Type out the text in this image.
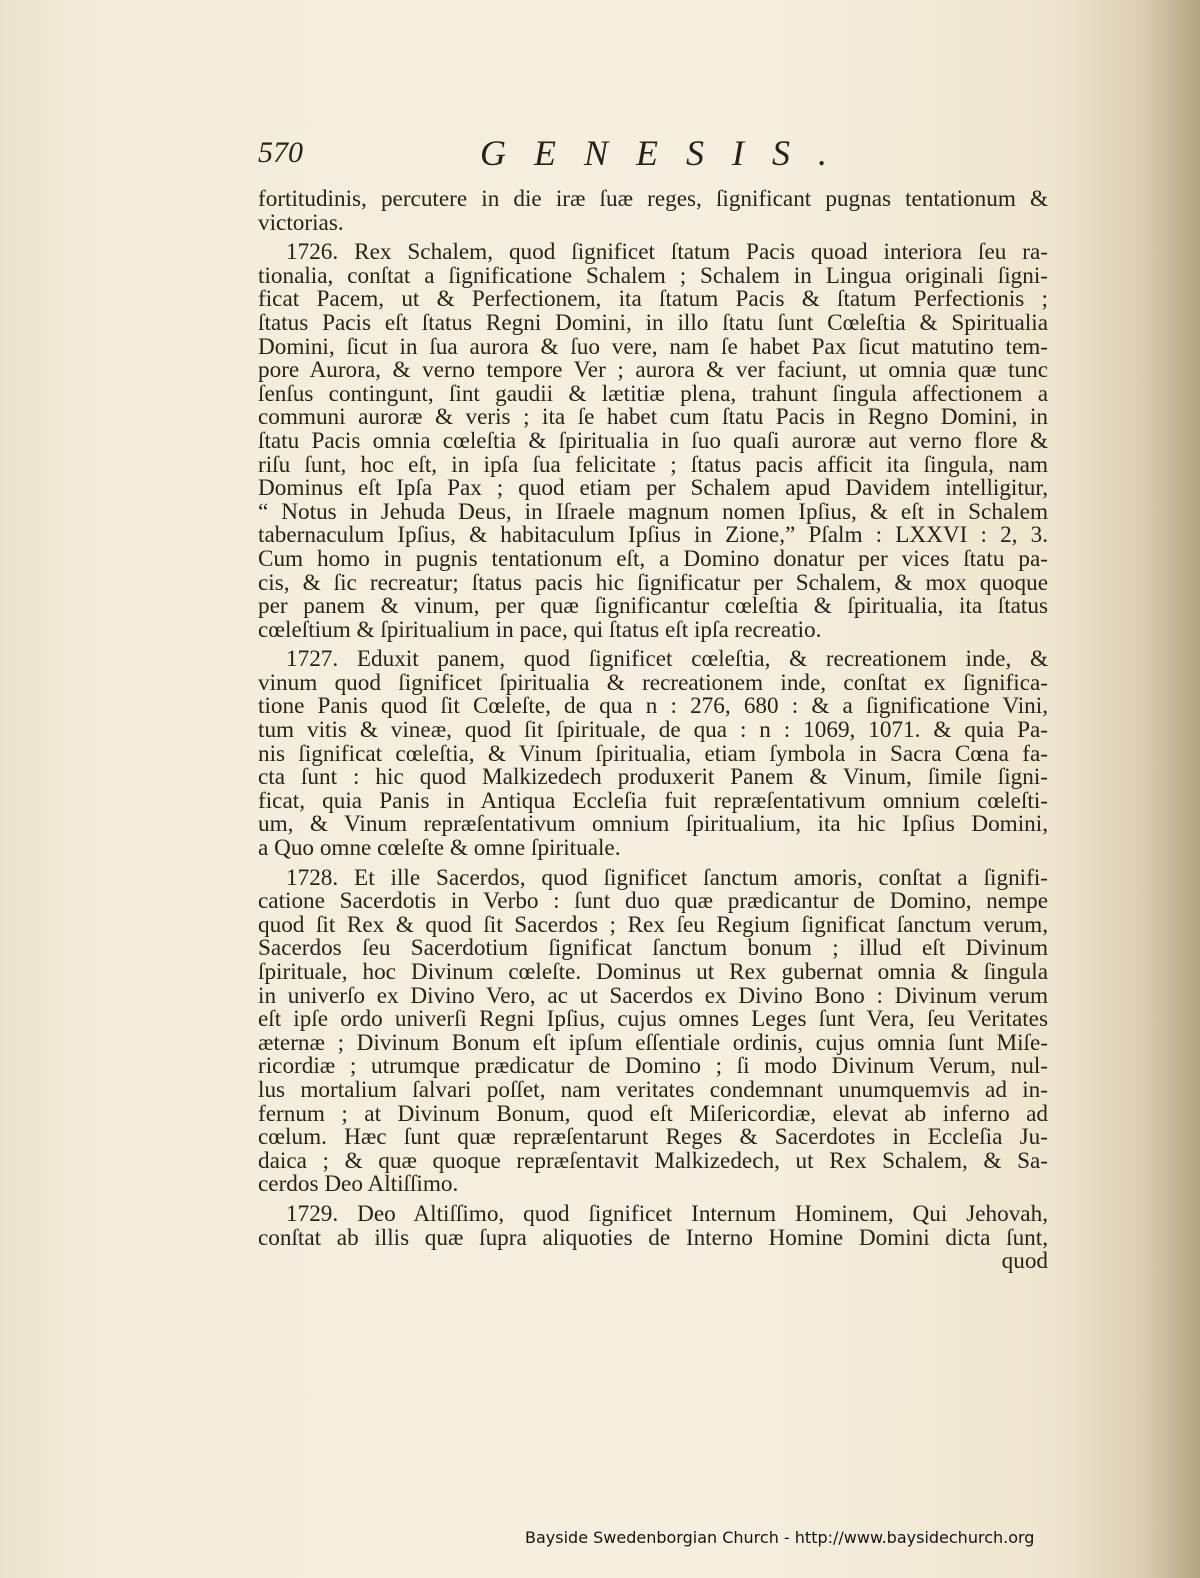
570	GENESIS.
fortitudinis, percutere in die iræ ſuæ reges, ſignificant pugnas tentationum &
victorias.
1726. Rex Schalem, quod ſignificet ſtatum Pacis quoad interiora ſeu ra-
tionalia, conſtat a ſignificatione Schalem ; Schalem in Lingua originali ſigni-
ficat Pacem, ut & Perfectionem, ita ſtatum Pacis & ſtatum Perfectionis ;
ſtatus Pacis eſt ſtatus Regni Domini, in illo ſtatu ſunt Cœleſtia & Spiritualia
Domini, ſicut in ſua aurora & ſuo vere, nam ſe habet Pax ſicut matutino tem-
pore Aurora, & verno tempore Ver ; aurora & ver faciunt, ut omnia quæ tunc
ſenſus contingunt, ſint gaudii & lætitiæ plena, trahunt ſingula affectionem a
communi auroræ & veris ; ita ſe habet cum ſtatu Pacis in Regno Domini, in
ſtatu Pacis omnia cœleſtia & ſpiritualia in ſuo quaſi auroræ aut verno flore &
riſu ſunt, hoc eſt, in ipſa ſua felicitate ; ſtatus pacis afficit ita ſingula, nam
Dominus eſt Ipſa Pax ; quod etiam per Schalem apud Davidem intelligitur,
“ Notus in Jehuda Deus, in Iſraele magnum nomen Ipſius, & eſt in Schalem
tabernaculum Ipſius, & habitaculum Ipſius in Zione,” Pſalm : LXXVI : 2, 3.
Cum homo in pugnis tentationum eſt, a Domino donatur per vices ſtatu pa-
cis, & ſic recreatur; ſtatus pacis hic ſignificatur per Schalem, & mox quoque
per panem & vinum, per quæ ſignificantur cœleſtia & ſpiritualia, ita ſtatus
cœleſtium & ſpiritualium in pace, qui ſtatus eſt ipſa recreatio.
1727. Eduxit panem, quod ſignificet cœleſtia, & recreationem inde, &
vinum quod ſignificet ſpiritualia & recreationem inde, conſtat ex ſignifica-
tione Panis quod ſit Cœleſte, de qua n : 276, 680 : & a ſignificatione Vini,
tum vitis & vineæ, quod ſit ſpirituale, de qua : n : 1069, 1071. & quia Pa-
nis ſignificat cœleſtia, & Vinum ſpiritualia, etiam ſymbola in Sacra Cœna fa-
cta ſunt : hic quod Malkizedech produxerit Panem & Vinum, ſimile ſigni-
ficat, quia Panis in Antiqua Eccleſia fuit repræſentativum omnium cœleſti-
um, & Vinum repræſentativum omnium ſpiritualium, ita hic Ipſius Domini,
a Quo omne cœleſte & omne ſpirituale.
1728. Et ille Sacerdos, quod ſignificet ſanctum amoris, conſtat a ſignifi-
catione Sacerdotis in Verbo : ſunt duo quæ prædicantur de Domino, nempe
quod ſit Rex & quod ſit Sacerdos ; Rex ſeu Regium ſignificat ſanctum verum,
Sacerdos ſeu Sacerdotium ſignificat ſanctum bonum ; illud eſt Divinum
ſpirituale, hoc Divinum cœleſte. Dominus ut Rex gubernat omnia & ſingula
in univerſo ex Divino Vero, ac ut Sacerdos ex Divino Bono : Divinum verum
eſt ipſe ordo univerſi Regni Ipſius, cujus omnes Leges ſunt Vera, ſeu Veritates
æternæ ; Divinum Bonum eſt ipſum eſſentiale ordinis, cujus omnia ſunt Miſe-
ricordiæ ; utrumque prædicatur de Domino ; ſi modo Divinum Verum, nul-
lus mortalium ſalvari poſſet, nam veritates condemnant unumquemvis ad in-
fernum ; at Divinum Bonum, quod eſt Miſericordiæ, elevat ab inferno ad
cœlum. Hæc ſunt quæ repræſentarunt Reges & Sacerdotes in Eccleſia Ju-
daica ; & quæ quoque repræſentavit Malkizedech, ut Rex Schalem, & Sa-
cerdos Deo Altiſſimo.
1729. Deo Altiſſimo, quod ſignificet Internum Hominem, Qui Jehovah,
conſtat ab illis quæ ſupra aliquoties de Interno Homine Domini dicta ſunt,
quod
Bayside Swedenborgian Church - http://www.baysidechurch.org
